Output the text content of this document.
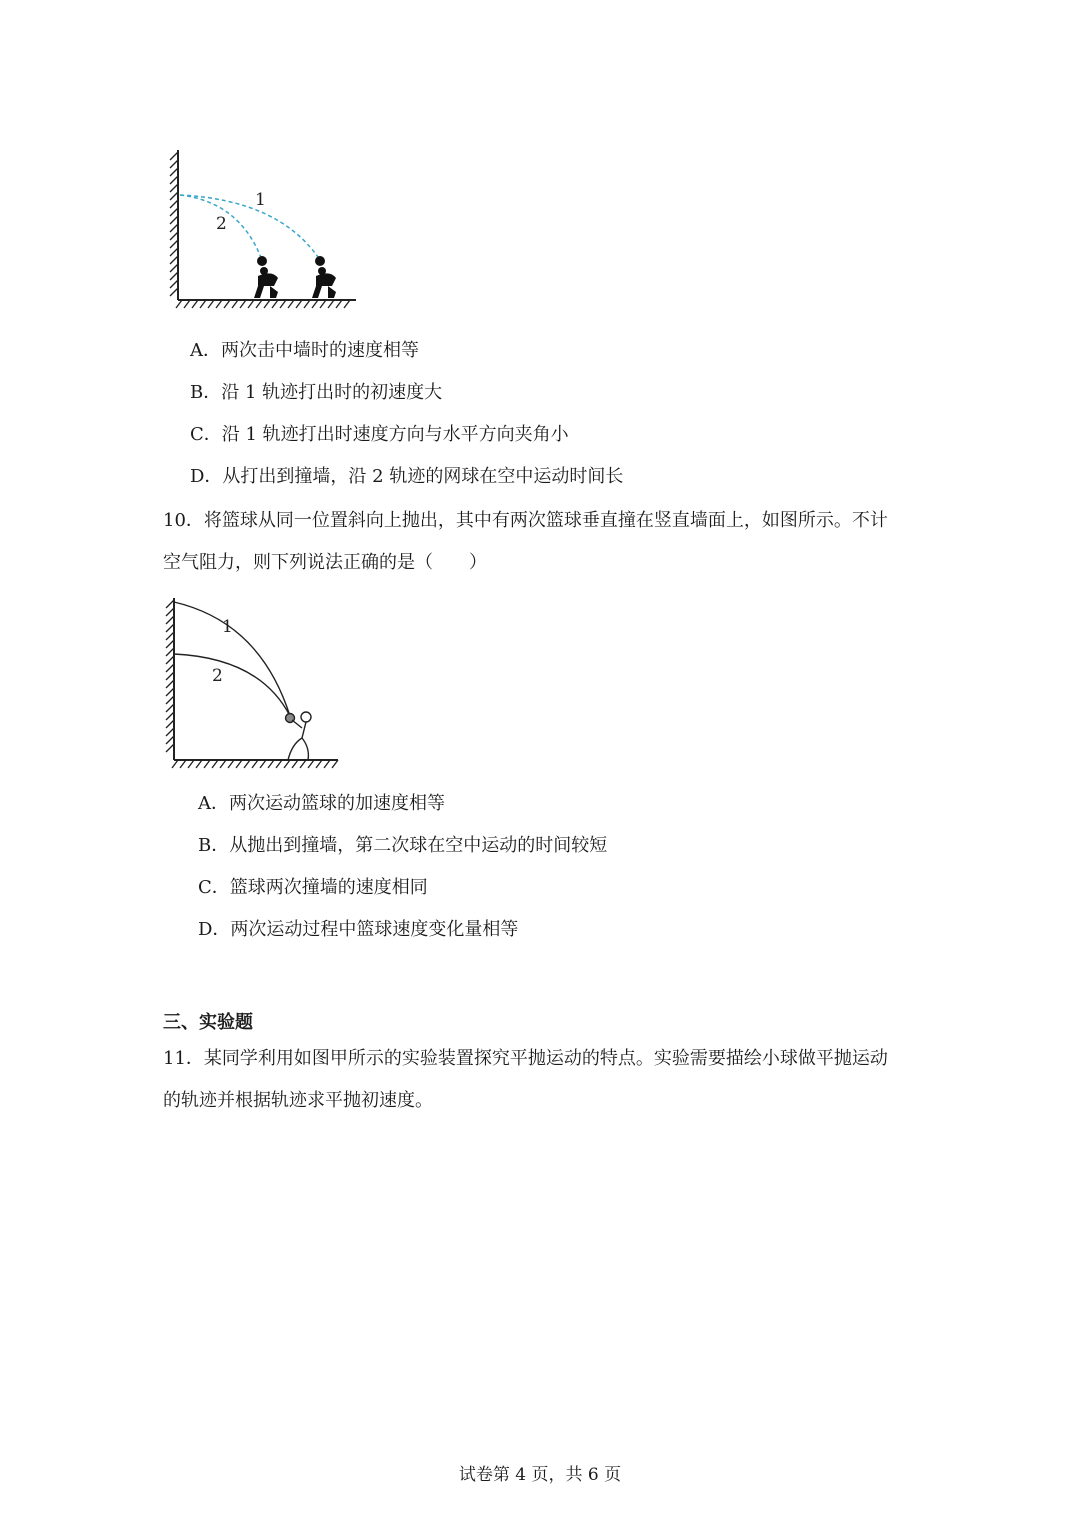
1
2
A．两次击中墙时的速度相等
B．沿 1 轨迹打出时的初速度大
C．沿 1 轨迹打出时速度方向与水平方向夹角小
D．从打出到撞墙，沿 2 轨迹的网球在空中运动时间长
10．将篮球从同一位置斜向上抛出，其中有两次篮球垂直撞在竖直墙面上，如图所示。不计
空气阻力，则下列说法正确的是（　　）
1
2
A．两次运动篮球的加速度相等
B．从抛出到撞墙，第二次球在空中运动的时间较短
C．篮球两次撞墙的速度相同
D．两次运动过程中篮球速度变化量相等
三、实验题
11．某同学利用如图甲所示的实验装置探究平抛运动的特点。实验需要描绘小球做平抛运动
的轨迹并根据轨迹求平抛初速度。
试卷第 4 页，共 6 页
